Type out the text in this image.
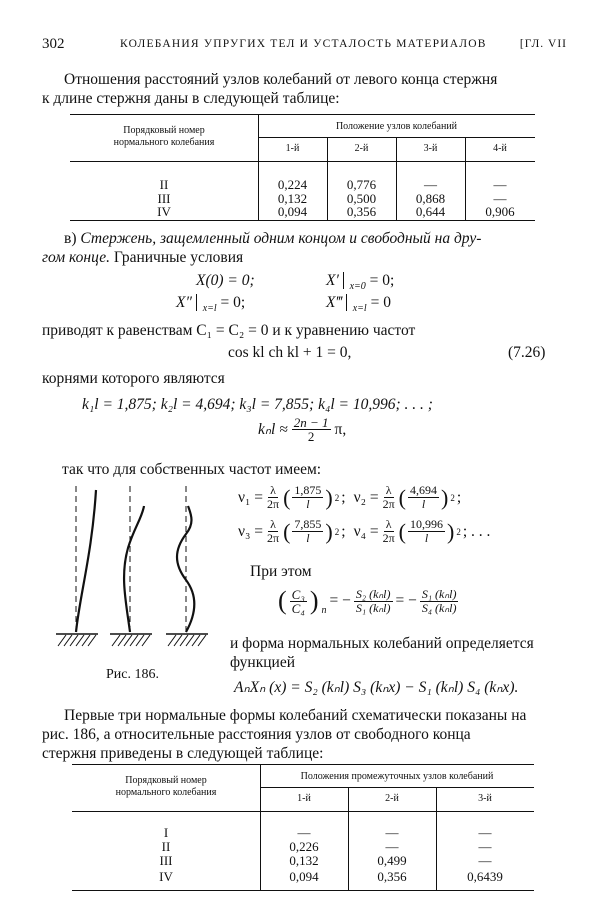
302	КОЛЕБАНИЯ УПРУГИХ ТЕЛ И УСТАЛОСТЬ МАТЕРИАЛОВ	[ГЛ. VII
Отношения расстояний узлов колебаний от левого конца стержня
к длине стержня даны в следующей таблице:
Порядковый номер
нормального колебания
Положение узлов колебаний
1-й	2-й	3-й	4-й
II	0,224	0,776	—	—
III	0,132	0,500	0,868	—
IV	0,094	0,356	0,644	0,906
в) Стержень, защемленный одним концом и свободный на дру-
гом конце. Граничные условия
X(0) = 0;	X′ $_{x=0}$ = 0;
X″ $_{x=l}$ = 0;	X‴ $_{x=l}$ = 0
приводят к равенствам C₁ = C₂ = 0 и к уравнению частот
cos kl ch kl + 1 = 0,	(7.26)
корнями которого являются
k₁l = 1,875; k₂l = 4,694; k₃l = 7,855; k₄l = 10,996; . . . ;
$k_nl \approx \frac{2n - 1}{2} \pi$,
так что для собственных частот имеем:
Рис. 186.
$\nu_1 = \frac{\lambda}{2\pi}$ ( $\frac{1,875}{l}$ ) 2 ; $\nu_2 = \frac{\lambda}{2\pi}$ ( $\frac{4,694}{l}$ ) 2 ;
$\nu_3 = \frac{\lambda}{2\pi}$ ( $\frac{7,855}{l}$ ) 2 ; $\nu_4 = \frac{\lambda}{2\pi}$ ( $\frac{10,996}{l}$ ) 2 ; . . .
При этом
( $\frac{\text{C₃}}{\text{C₄}}$ ) $_n$
= − $\frac{\text{S₂ (kₙl)}}{\text{S₁ (kₙl)}}$ = − $\frac{\text{S₁ (kₙl)}}{\text{S₄ (kₙl)}}$
и форма нормальных колебаний определяется
функцией
AₙXₙ (x) = S₂ (kₙl) S₃ (kₙx) − S₁ (kₙl) S₄ (kₙx).
Первые три нормальные формы колебаний схематически показаны на
рис. 186, а относительные расстояния узлов от свободного конца
стержня приведены в следующей таблице:
Порядковый номер
нормального колебания
Положения промежуточных узлов колебаний
1-й	2-й	3-й
I	—	—	—
II	0,226	—	—
III	0,132	0,499	—
IV	0,094	0,356	0,6439
